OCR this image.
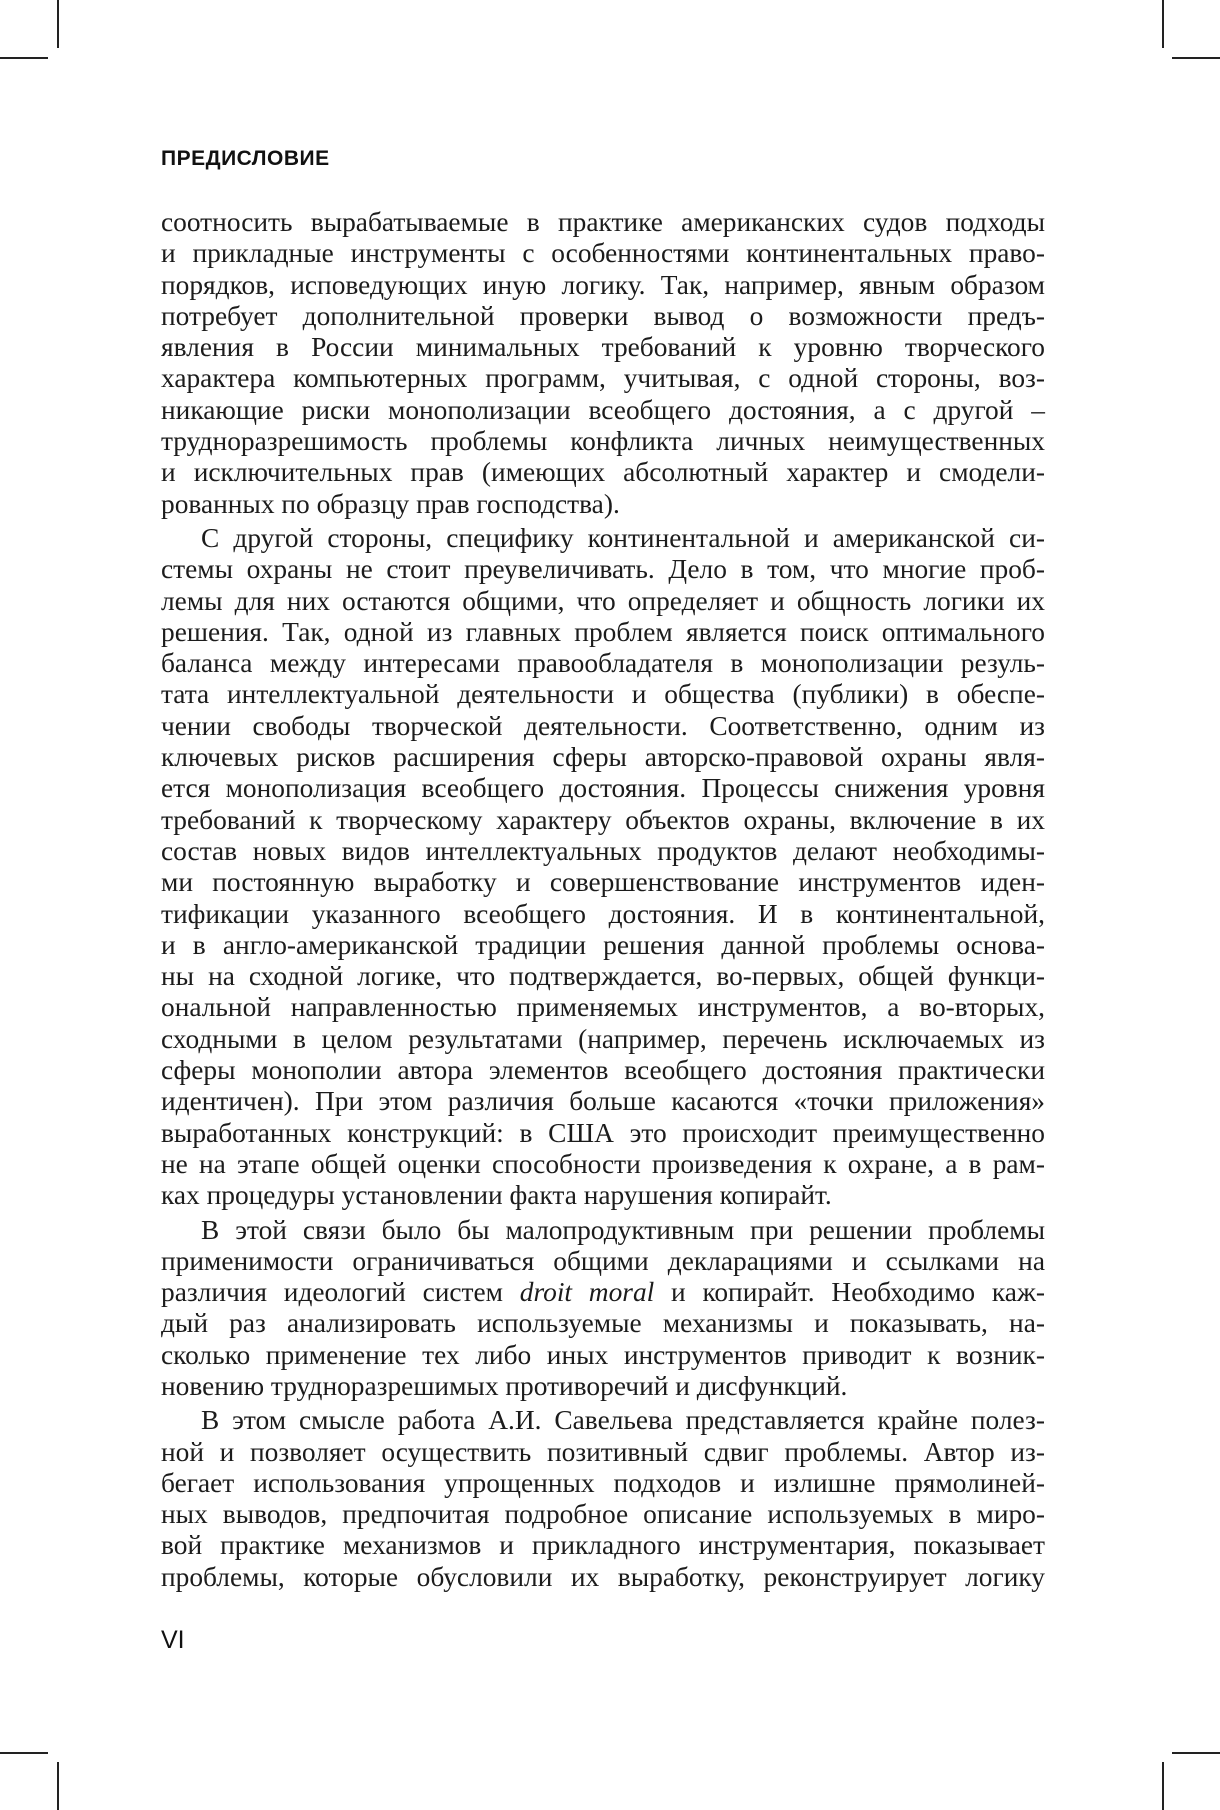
ПРЕДИСЛОВИЕ
соотносить вырабатываемые в практике американских судов подходы
и прикладные инструменты с особенностями континентальных право-
порядков, исповедующих иную логику. Так, например, явным образом
потребует дополнительной проверки вывод о возможности предъ-
явления в России минимальных требований к уровню творческого
характера компьютерных программ, учитывая, с одной стороны, воз-
никающие риски монополизации всеобщего достояния, а с другой –
трудноразрешимость проблемы конфликта личных неимущественных
и исключительных прав (имеющих абсолютный характер и смодели-
рованных по образцу прав господства).
С другой стороны, специфику континентальной и американской си-
стемы охраны не стоит преувеличивать. Дело в том, что многие проб-
лемы для них остаются общими, что определяет и общность логики их
решения. Так, одной из главных проблем является поиск оптимального
баланса между интересами правообладателя в монополизации резуль-
тата интеллектуальной деятельности и общества (публики) в обеспе-
чении свободы творческой деятельности. Соответственно, одним из
ключевых рисков расширения сферы авторско-правовой охраны явля-
ется монополизация всеобщего достояния. Процессы снижения уровня
требований к творческому характеру объектов охраны, включение в их
состав новых видов интеллектуальных продуктов делают необходимы-
ми постоянную выработку и совершенствование инструментов иден-
тификации указанного всеобщего достояния. И в континентальной,
и в англо-американской традиции решения данной проблемы основа-
ны на сходной логике, что подтверждается, во-первых, общей функци-
ональной направленностью применяемых инструментов, а во-вторых,
сходными в целом результатами (например, перечень исключаемых из
сферы монополии автора элементов всеобщего достояния практически
идентичен). При этом различия больше касаются «точки приложения»
выработанных конструкций: в США это происходит преимущественно
не на этапе общей оценки способности произведения к охране, а в рам-
ках процедуры установлении факта нарушения копирайт.
В этой связи было бы малопродуктивным при решении проблемы
применимости ограничиваться общими декларациями и ссылками на
различия идеологий систем droit moral и копирайт. Необходимо каж-
дый раз анализировать используемые механизмы и показывать, на-
сколько применение тех либо иных инструментов приводит к возник-
новению трудноразрешимых противоречий и дисфункций.
В этом смысле работа А.И. Савельева представляется крайне полез-
ной и позволяет осуществить позитивный сдвиг проблемы. Автор из-
бегает использования упрощенных подходов и излишне прямолиней-
ных выводов, предпочитая подробное описание используемых в миро-
вой практике механизмов и прикладного инструментария, показывает
проблемы, которые обусловили их выработку, реконструирует логику
VI
